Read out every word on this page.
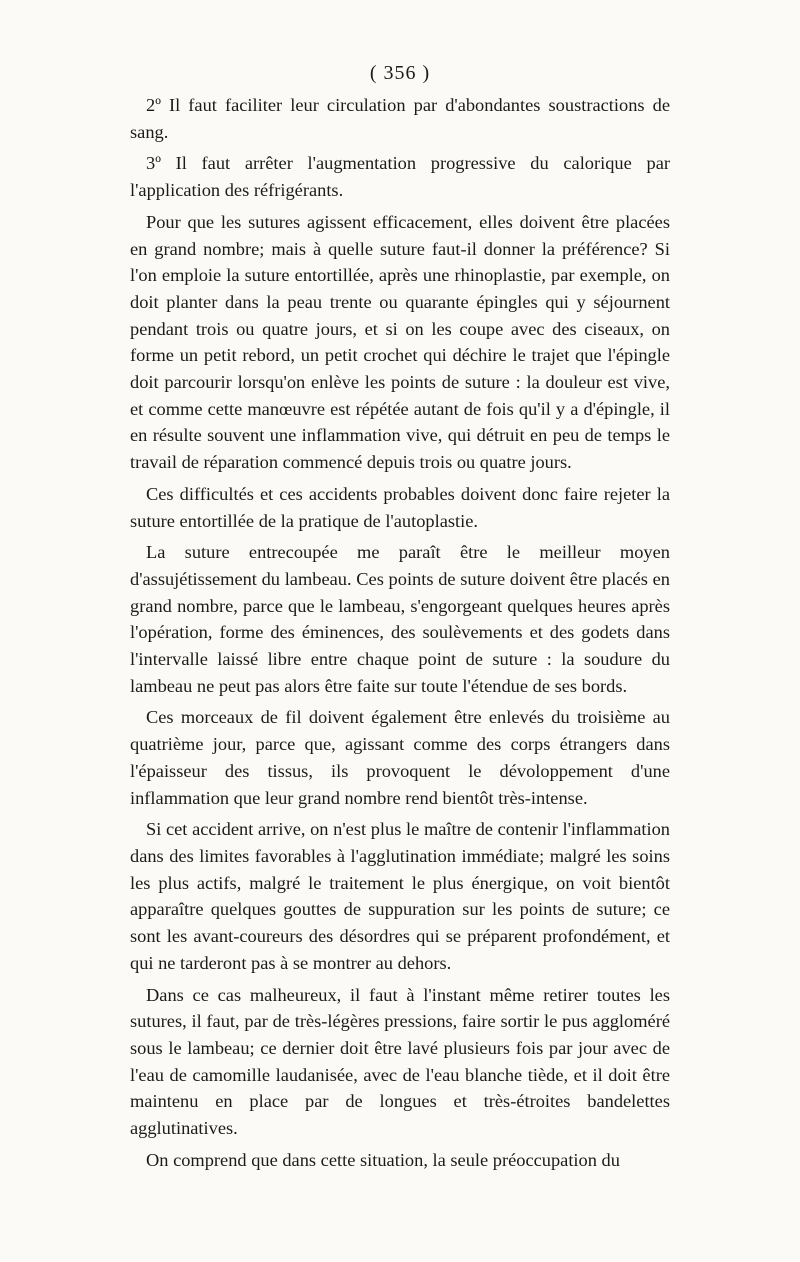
( 356 )

2º Il faut faciliter leur circulation par d'abondantes soustractions de sang.

3º Il faut arrêter l'augmentation progressive du calorique par l'application des réfrigérants.

Pour que les sutures agissent efficacement, elles doivent être placées en grand nombre; mais à quelle suture faut-il donner la préférence? Si l'on emploie la suture entortillée, après une rhinoplastie, par exemple, on doit planter dans la peau trente ou quarante épingles qui y séjournent pendant trois ou quatre jours, et si on les coupe avec des ciseaux, on forme un petit rebord, un petit crochet qui déchire le trajet que l'épingle doit parcourir lorsqu'on enlève les points de suture : la douleur est vive, et comme cette manœuvre est répétée autant de fois qu'il y a d'épingle, il en résulte souvent une inflammation vive, qui détruit en peu de temps le travail de réparation commencé depuis trois ou quatre jours.

Ces difficultés et ces accidents probables doivent donc faire rejeter la suture entortillée de la pratique de l'autoplastie.

La suture entrecoupée me paraît être le meilleur moyen d'assujétissement du lambeau. Ces points de suture doivent être placés en grand nombre, parce que le lambeau, s'engorgeant quelques heures après l'opération, forme des éminences, des soulèvements et des godets dans l'intervalle laissé libre entre chaque point de suture : la soudure du lambeau ne peut pas alors être faite sur toute l'étendue de ses bords.

Ces morceaux de fil doivent également être enlevés du troisième au quatrième jour, parce que, agissant comme des corps étrangers dans l'épaisseur des tissus, ils provoquent le dévoloppement d'une inflammation que leur grand nombre rend bientôt très-intense.

Si cet accident arrive, on n'est plus le maître de contenir l'inflammation dans des limites favorables à l'agglutination immédiate; malgré les soins les plus actifs, malgré le traitement le plus énergique, on voit bientôt apparaître quelques gouttes de suppuration sur les points de suture; ce sont les avant-coureurs des désordres qui se préparent profondément, et qui ne tarderont pas à se montrer au dehors.

Dans ce cas malheureux, il faut à l'instant même retirer toutes les sutures, il faut, par de très-légères pressions, faire sortir le pus aggloméré sous le lambeau; ce dernier doit être lavé plusieurs fois par jour avec de l'eau de camomille laudanisée, avec de l'eau blanche tiède, et il doit être maintenu en place par de longues et très-étroites bandelettes agglutinatives.

On comprend que dans cette situation, la seule préoccupation du
